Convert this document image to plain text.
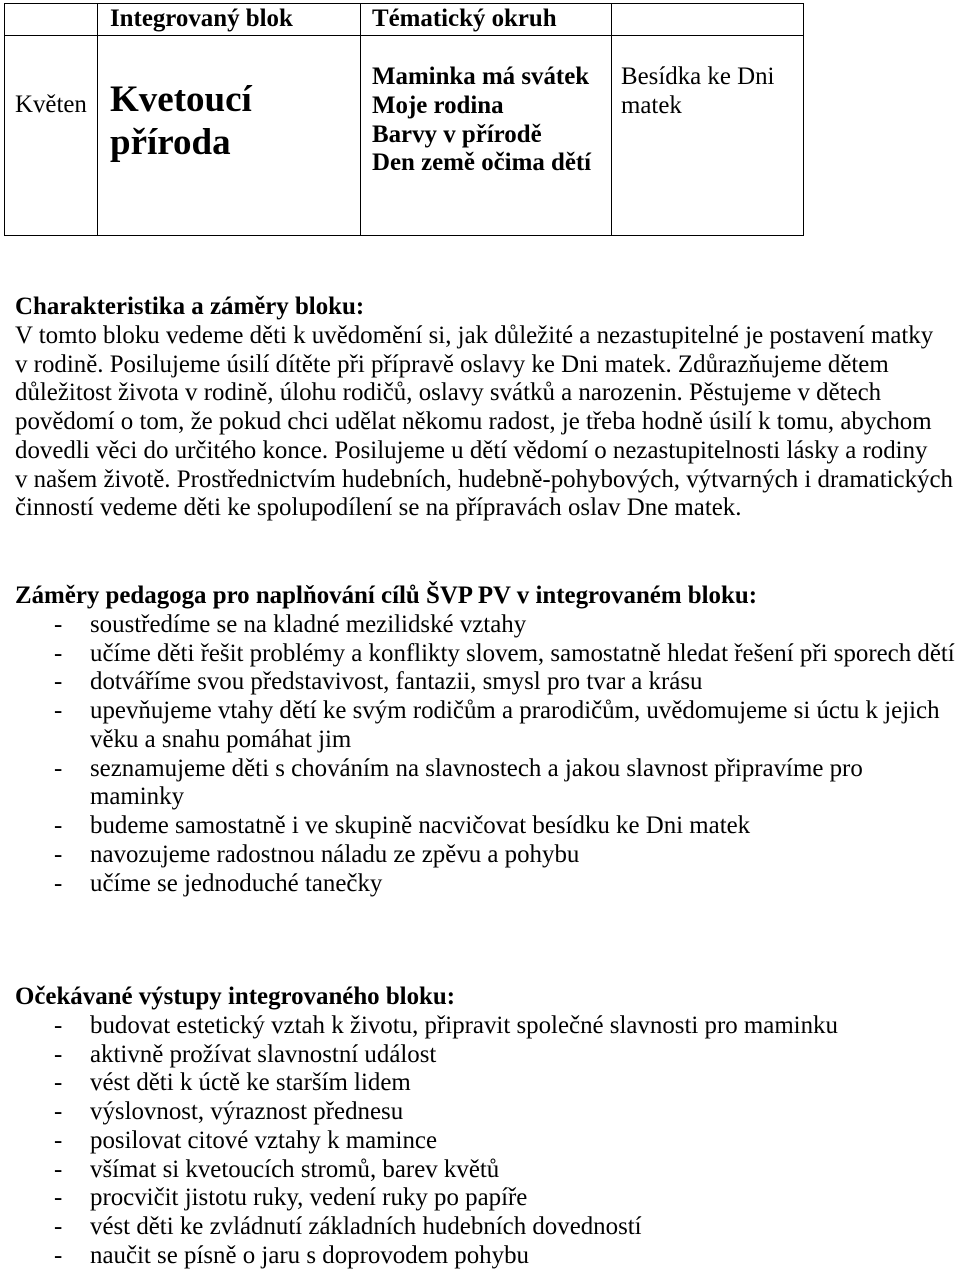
Integrovaný blok	Tématický okruh
Květen Kvetoucí příroda
Maminka má svátek
Moje rodina
Barvy v přírodě
Den země očima dětí
Besídka ke Dni matek
Charakteristika a záměry bloku:
V tomto bloku vedeme děti k uvědomění si, jak důležité a nezastupitelné je postavení matky
v rodině. Posilujeme úsilí dítěte při přípravě oslavy ke Dni matek. Zdůrazňujeme dětem
důležitost života v rodině, úlohu rodičů, oslavy svátků a narozenin. Pěstujeme v dětech
povědomí o tom, že pokud chci udělat někomu radost, je třeba hodně úsilí k tomu, abychom
dovedli věci do určitého konce. Posilujeme u dětí vědomí o nezastupitelnosti lásky a rodiny
v našem životě. Prostřednictvím hudebních, hudebně-pohybových, výtvarných i dramatických
činností vedeme děti ke spolupodílení se na přípravách oslav Dne matek.
Záměry pedagoga pro naplňování cílů ŠVP PV v integrovaném bloku:
- soustředíme se na kladné mezilidské vztahy
- učíme děti řešit problémy a konflikty slovem, samostatně hledat řešení při sporech dětí
- dotváříme svou představivost, fantazii, smysl pro tvar a krásu
- upevňujeme vtahy dětí ke svým rodičům a prarodičům, uvědomujeme si úctu k jejich
věku a snahu pomáhat jim
- seznamujeme děti s chováním na slavnostech a jakou slavnost připravíme pro
maminky
- budeme samostatně i ve skupině nacvičovat besídku ke Dni matek
- navozujeme radostnou náladu ze zpěvu a pohybu
- učíme se jednoduché tanečky
Očekávané výstupy integrovaného bloku:
- budovat estetický vztah k životu, připravit společné slavnosti pro maminku
- aktivně prožívat slavnostní událost
- vést děti k úctě ke starším lidem
- výslovnost, výraznost přednesu
- posilovat citové vztahy k mamince
- všímat si kvetoucích stromů, barev květů
- procvičit jistotu ruky, vedení ruky po papíře
- vést děti ke zvládnutí základních hudebních dovedností
- naučit se písně o jaru s doprovodem pohybu
